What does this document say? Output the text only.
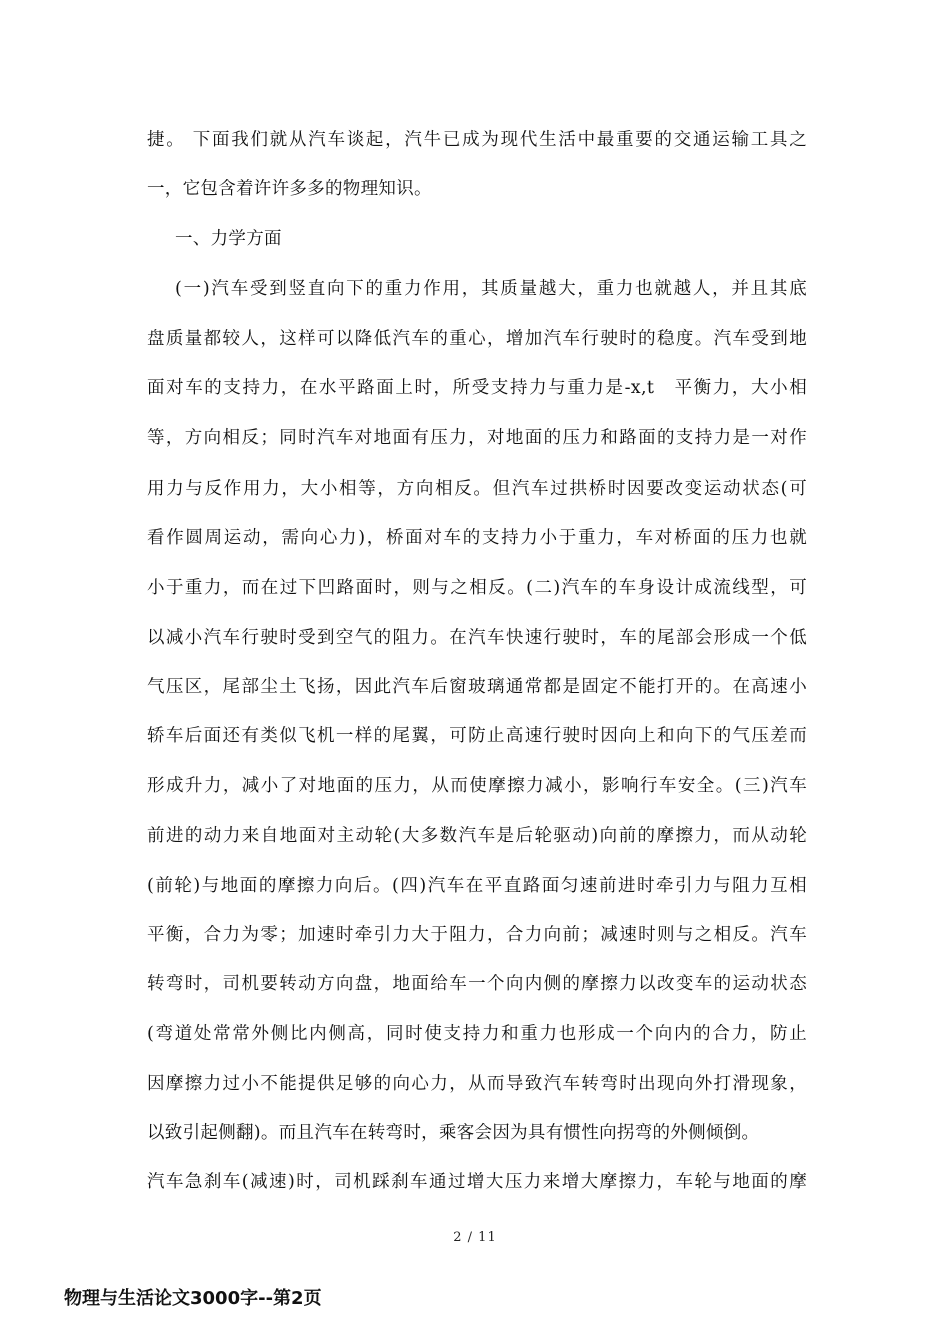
捷。 下面我们就从汽车谈起，汽牛已成为现代生活中最重要的交通运输工具之
一，它包含着许许多多的物理知识。
一、力学方面
(一)汽车受到竖直向下的重力作用，其质量越大，重力也就越人，并且其底
盘质量都较人，这样可以降低汽车的重心，增加汽车行驶时的稳度。汽车受到地
面对车的支持力，在水平路面上时，所受支持力与重力是-x,t　平衡力，大小相
等，方向相反；同时汽车对地面有压力，对地面的压力和路面的支持力是一对作
用力与反作用力，大小相等，方向相反。但汽车过拱桥时因要改变运动状态(可
看作圆周运动，需向心力)，桥面对车的支持力小于重力，车对桥面的压力也就
小于重力，而在过下凹路面时，则与之相反。(二)汽车的车身设计成流线型，可
以减小汽车行驶时受到空气的阻力。在汽车快速行驶时，车的尾部会形成一个低
气压区，尾部尘土飞扬，因此汽车后窗玻璃通常都是固定不能打开的。在高速小
轿车后面还有类似飞机一样的尾翼，可防止高速行驶时因向上和向下的气压差而
形成升力，减小了对地面的压力，从而使摩擦力减小，影响行车安全。(三)汽车
前进的动力来自地面对主动轮(大多数汽车是后轮驱动)向前的摩擦力，而从动轮
(前轮)与地面的摩擦力向后。(四)汽车在平直路面匀速前进时牵引力与阻力互相
平衡，合力为零；加速时牵引力大于阻力，合力向前；减速时则与之相反。汽车
转弯时，司机要转动方向盘，地面给车一个向内侧的摩擦力以改变车的运动状态
(弯道处常常外侧比内侧高，同时使支持力和重力也形成一个向内的合力，防止
因摩擦力过小不能提供足够的向心力，从而导致汽车转弯时出现向外打滑现象，
以致引起侧翻)。而且汽车在转弯时，乘客会因为具有惯性向拐弯的外侧倾倒。
汽车急刹车(减速)时，司机踩刹车通过增大压力来增大摩擦力，车轮与地面的摩
2 / 11
物理与生活论文3000字--第2页
